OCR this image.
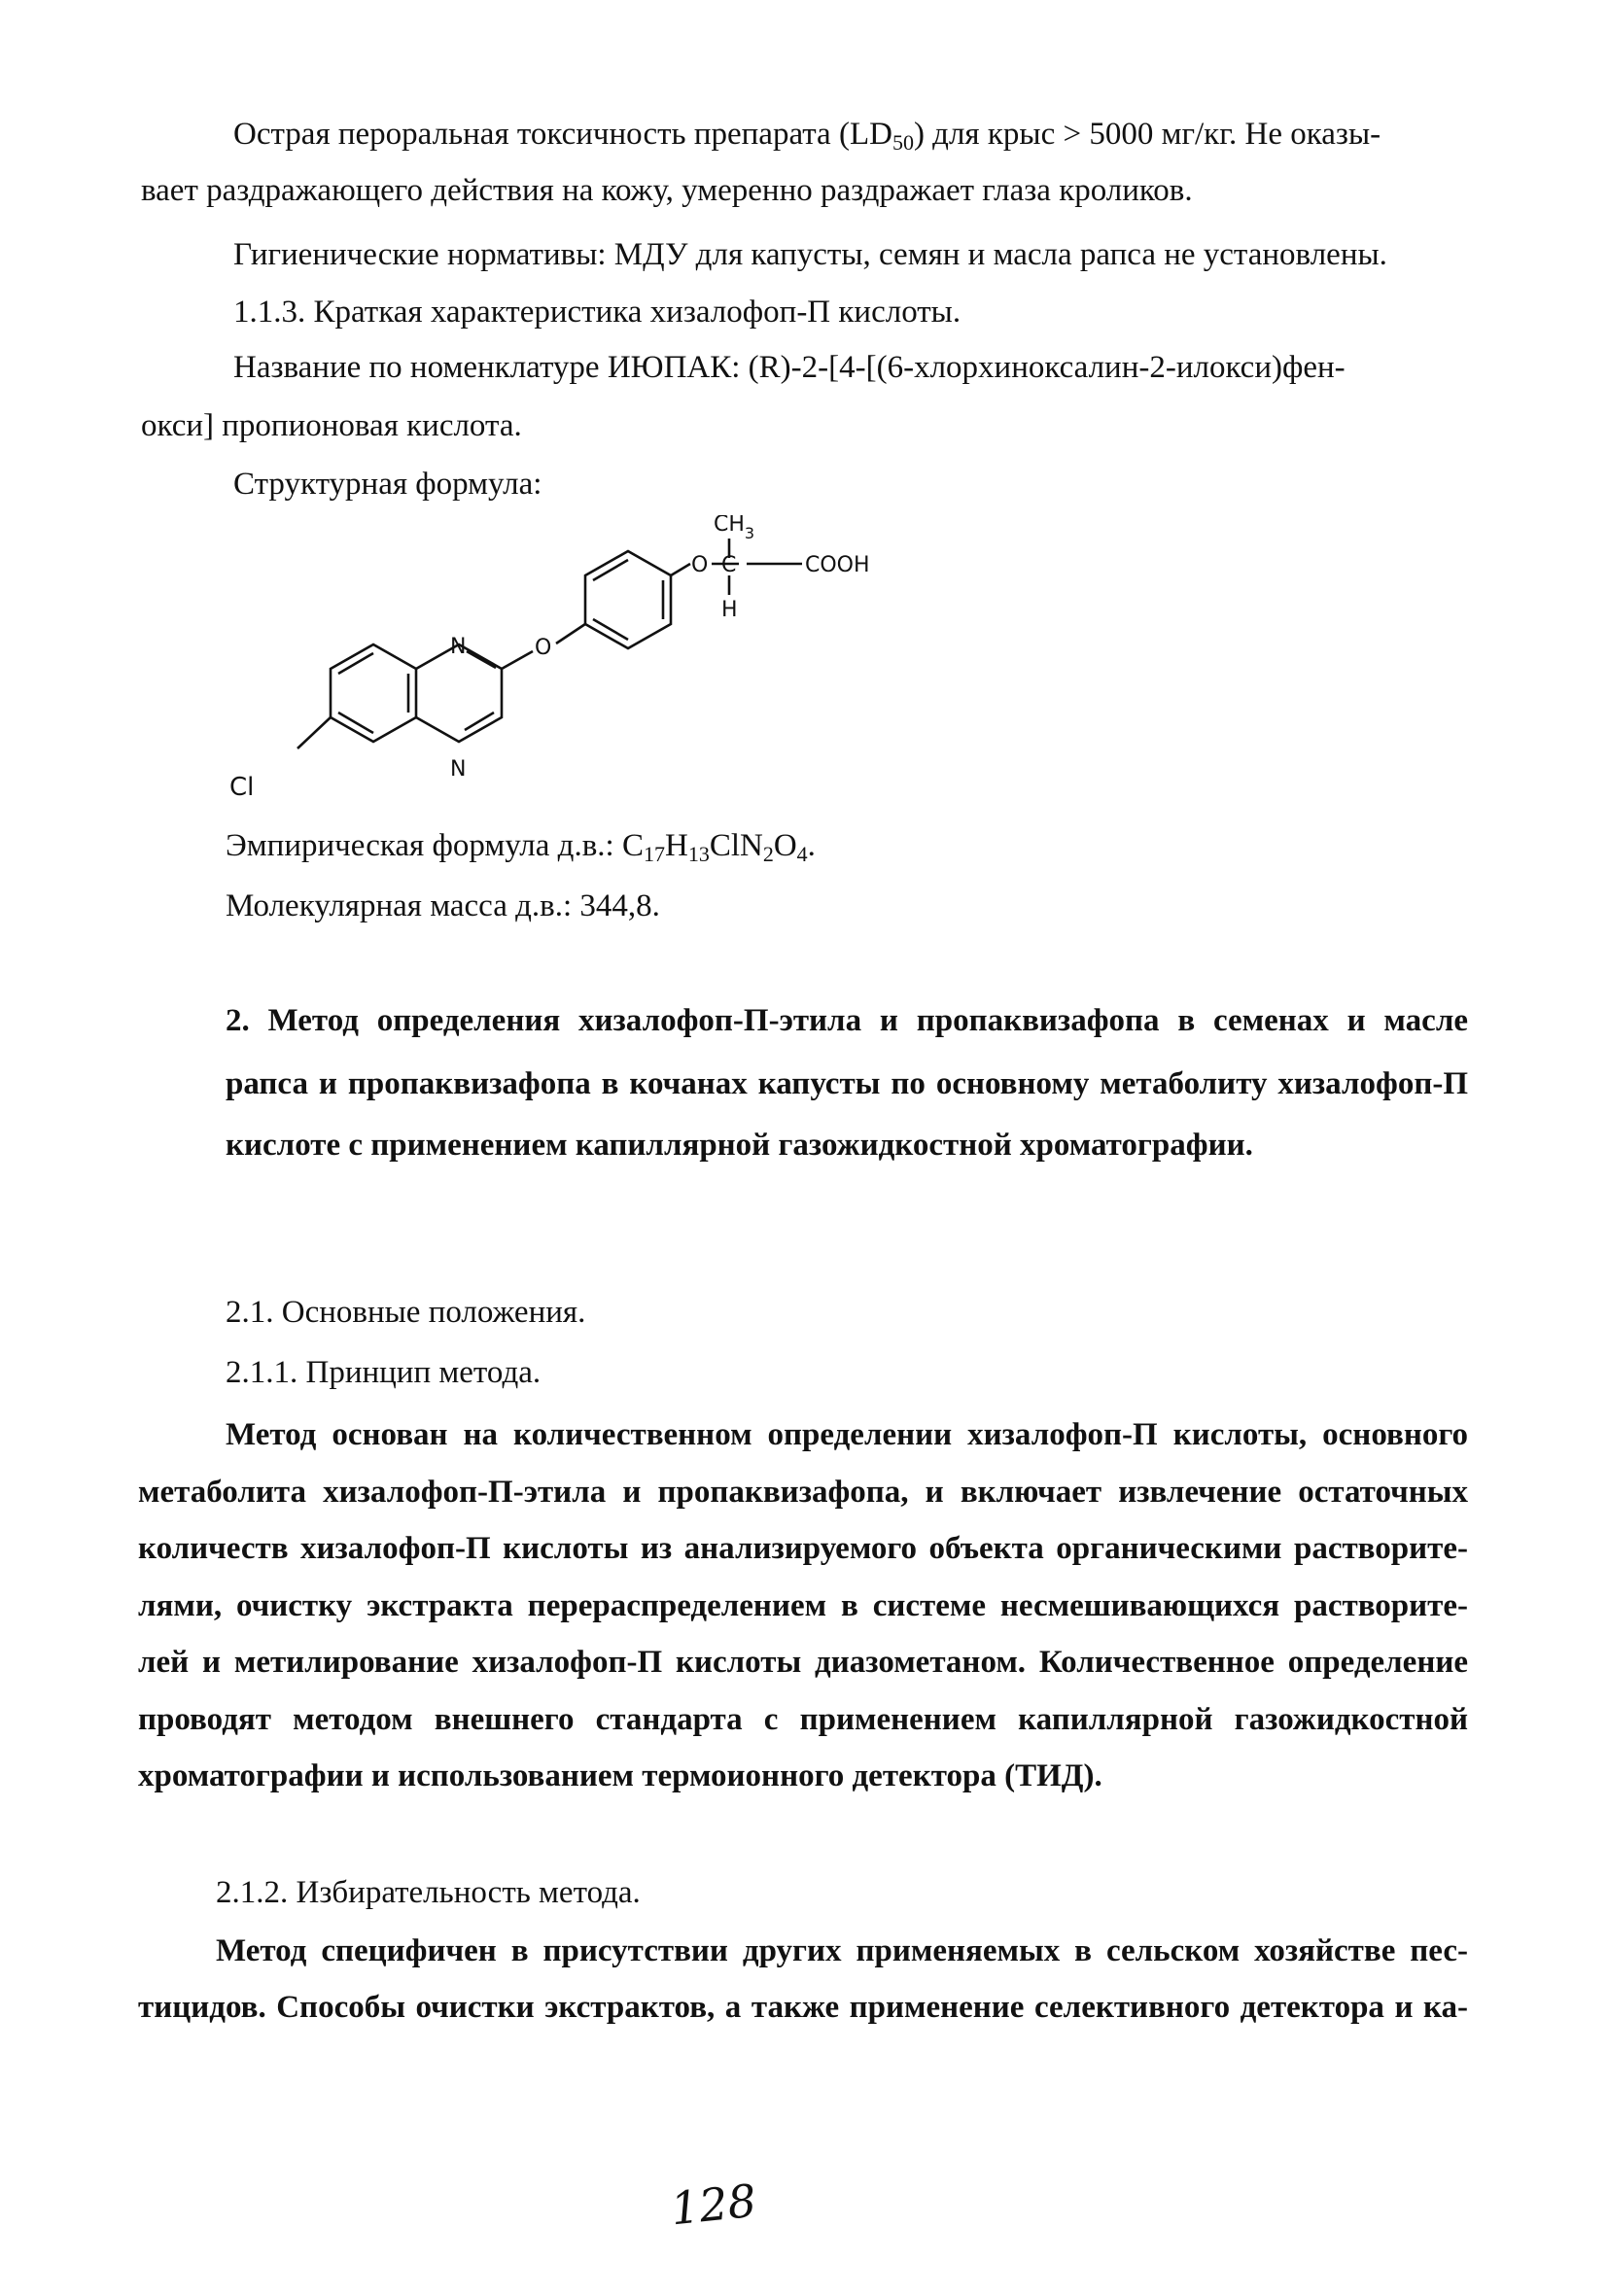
Острая пероральная токсичность препарата $(LD_{50})$ для крыс > 5000 мг/кг. Не оказы-
вает раздражающего действия на кожу, умеренно раздражает глаза кроликов.
Гигиенические нормативы: МДУ для капусты, семян и масла рапса не установлены.
1.1.3. Краткая характеристика хизалофоп-П кислоты.
Название по номенклатуре ИЮПАК: (R)-2-[4-[(6-хлорхиноксалин-2-илокси)фен-
окси] пропионовая кислота.
Структурная формула:
$CH_3$
O C	COOH
H
N
N
O
Cl
Эмпирическая формула д.в.: $C_{17}H_{13}ClN_2O_4$.
Молекулярная масса д.в.: 344,8.
2. Метод определения хизалофоп-П-этила и пропаквизафопа в семенах и масле
рапса и пропаквизафопа в кочанах капусты по основному метаболиту хизалофоп-П
кислоте с применением капиллярной газожидкостной хроматографии.
2.1. Основные положения.
2.1.1. Принцип метода.
Метод основан на количественном определении хизалофоп-П кислоты, основного
метаболита хизалофоп-П-этила и пропаквизафопа, и включает извлечение остаточных
количеств хизалофоп-П кислоты из анализируемого объекта органическими растворите-
лями, очистку экстракта перераспределением в системе несмешивающихся растворите-
лей и метилирование хизалофоп-П кислоты диазометаном. Количественное определение
проводят методом внешнего стандарта с применением капиллярной газожидкостной
хроматографии и использованием термоионного детектора (ТИД).
2.1.2. Избирательность метода.
Метод специфичен в присутствии других применяемых в сельском хозяйстве пес-
тицидов. Способы очистки экстрактов, а также применение селективного детектора и ка-
128
